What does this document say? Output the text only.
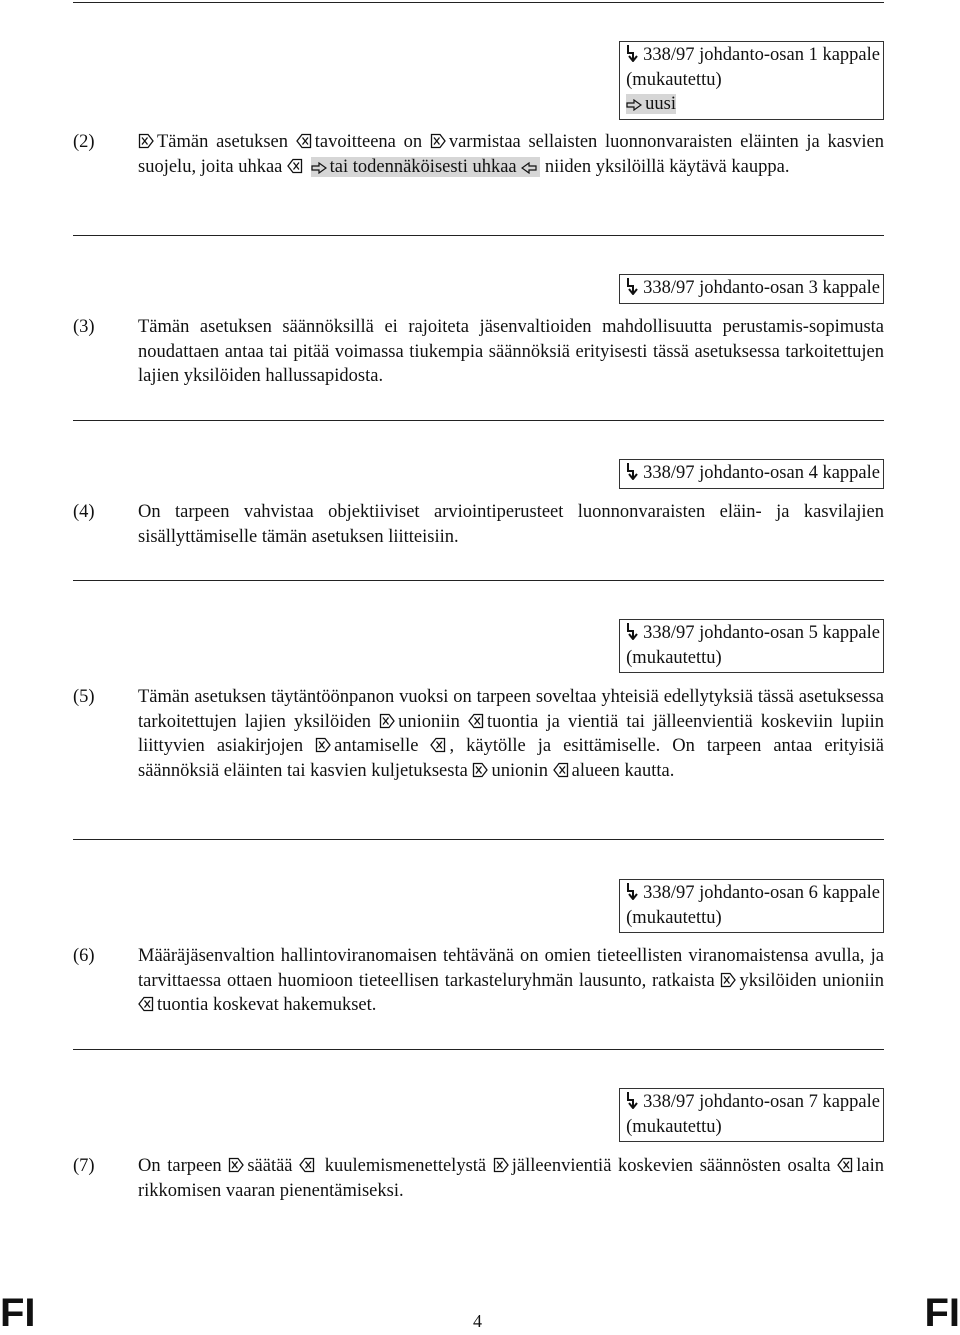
338/97 johdanto-osan 1 kappale
(mukautettu)
uusi
(2)	Tämän asetuksen tavoitteena on varmistaa sellaisten luonnonvaraisten eläinten ja kasvien suojelu, joita uhkaa
	tai todennäköisesti uhkaa niiden yksilöillä käytävä kauppa.
338/97 johdanto-osan 3 kappale
(3) Tämän asetuksen säännöksillä ei rajoiteta jäsenvaltioiden mahdollisuutta perustamis-sopimusta noudattaen antaa tai pitää voimassa tiukempia säännöksiä erityisesti tässä asetuksessa tarkoitettujen lajien yksilöiden hallussapidosta.
338/97 johdanto-osan 4 kappale
(4) On tarpeen vahvistaa objektiiviset arviointiperusteet luonnonvaraisten eläin- ja kasvilajien sisällyttämiselle tämän asetuksen liitteisiin.
338/97 johdanto-osan 5 kappale
(mukautettu)
(5) Tämän asetuksen täytäntöönpanon vuoksi on tarpeen soveltaa yhteisiä edellytyksiä tässä asetuksessa tarkoitettujen lajien yksilöiden unioniin tuontia ja vientiä tai jälleenvientiä koskeviin lupiin liittyvien asiakirjojen antamiselle , käytölle ja esittämiselle. On tarpeen antaa erityisiä säännöksiä eläinten tai kasvien kuljetuksesta unionin alueen kautta.
338/97 johdanto-osan 6 kappale
(mukautettu)
(6) Määräjäsenvaltion hallintoviranomaisen tehtävänä on omien tieteellisten viranomaistensa avulla, ja tarvittaessa ottaen huomioon tieteellisen tarkasteluryhmän lausunto, ratkaista yksilöiden unioniin
tuontia koskevat hakemukset.
338/97 johdanto-osan 7 kappale
(mukautettu)
(7) On tarpeen säätää kuulemismenettelystä jälleenvientiä koskevien säännösten osalta lain rikkomisen vaaran pienentämiseksi.
FI	4	FI
